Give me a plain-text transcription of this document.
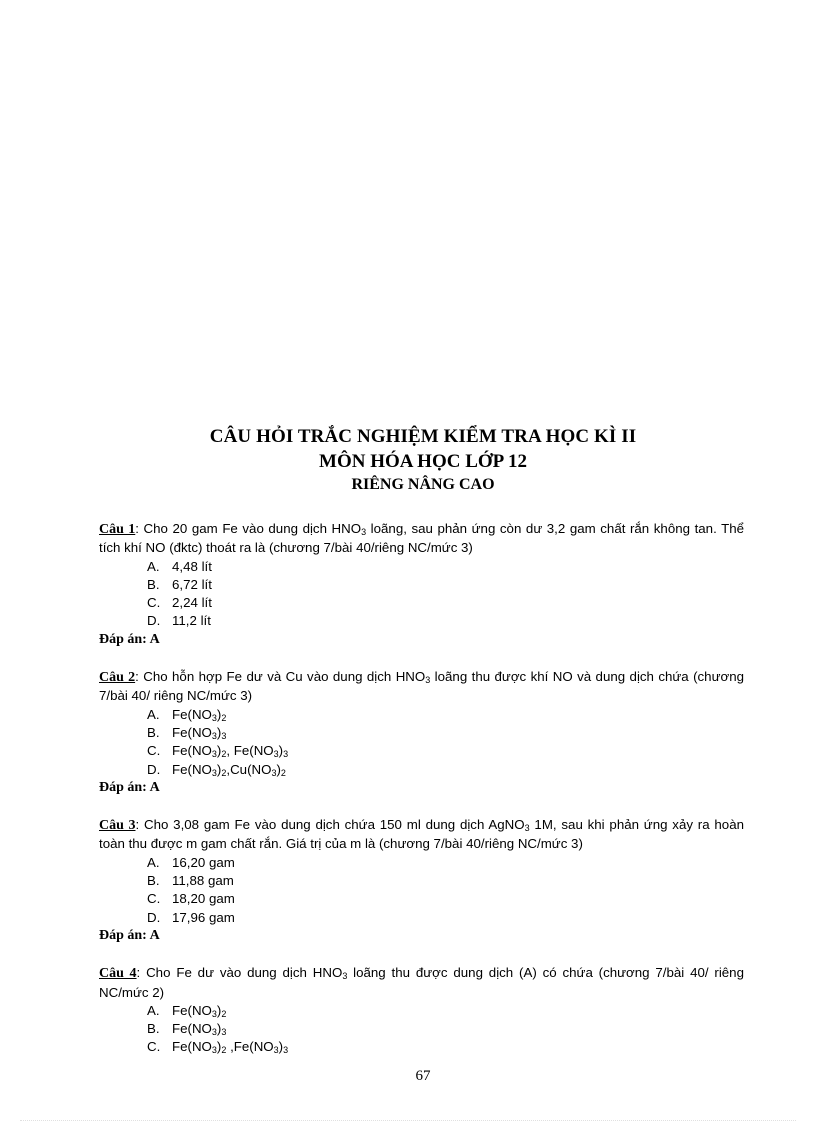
CÂU HỎI TRẮC NGHIỆM KIỂM TRA HỌC KÌ II
MÔN HÓA HỌC LỚP 12
RIÊNG NÂNG CAO

Câu 1: Cho 20 gam Fe vào dung dịch $HNO_3$ loãng, sau phản ứng còn dư 3,2 gam chất rắn không tan. Thể tích khí NO (đktc) thoát ra là (chương 7/bài 40/riêng NC/mức 3)

A. 4,48 lít
B. 6,72 lít
C. 2,24 lít
D. 11,2 lít
Đáp án: A

Câu 2: Cho hỗn hợp Fe dư và Cu vào dung dịch $HNO_3$ loãng thu được khí NO và dung dịch chứa (chương 7/bài 40/ riêng NC/mức 3)

A. $Fe(NO_3)_2$
B. $Fe(NO_3)_3$
C. $Fe(NO_3)_2$, $Fe(NO_3)_3$
D. $Fe(NO_3)_2,Cu(NO_3)_2$
Đáp án: A

Câu 3: Cho 3,08 gam Fe vào dung dịch chứa 150 ml dung dịch AgNO$_3$ 1M, sau khi phản ứng xảy ra hoàn toàn thu được m gam chất rắn. Giá trị của m là (chương 7/bài 40/riêng NC/mức 3)

A. 16,20 gam
B. 11,88 gam
C. 18,20 gam
D. 17,96 gam
Đáp án: A

Câu 4: Cho Fe dư vào dung dịch $HNO_3$ loãng thu được dung dịch (A) có chứa (chương 7/bài 40/ riêng NC/mức 2)

A. $Fe(NO_3)_2$
B. $Fe(NO_3)_3$
C. $Fe(NO_3)_2$ $,Fe(NO_3)_3$
67
